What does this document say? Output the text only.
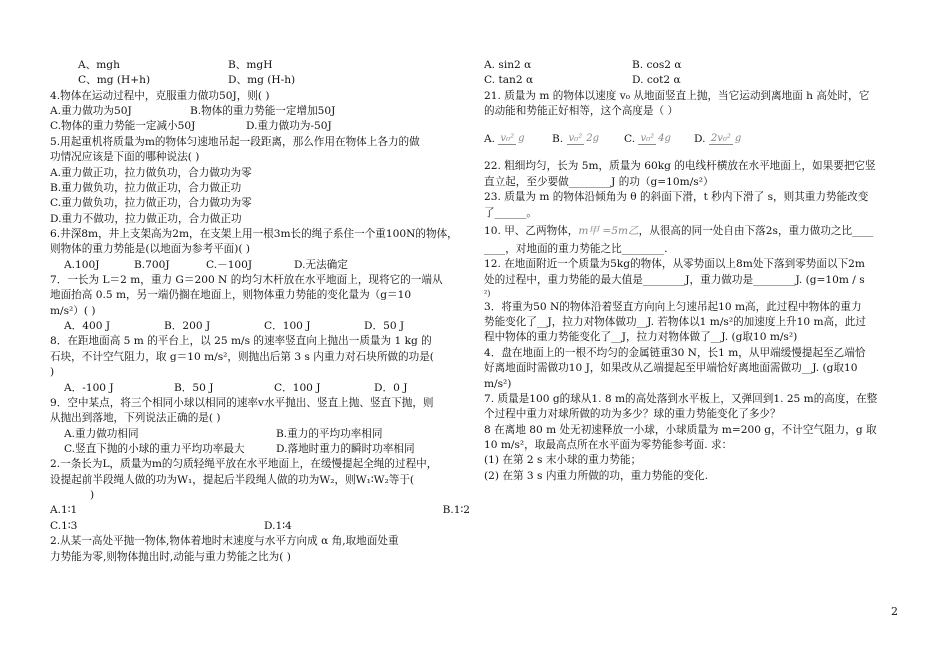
A、mgh	B、mgH
C、mg (H+h)	D、mg (H-h)

4.物体在运动过程中，克服重力做功50J，则( )

A.重力做功为50J	B.物体的重力势能一定增加50J
C.物体的重力势能一定减小50J	D.重力做功为-50J

5.用起重机将质量为m的物体匀速地吊起一段距离，那么作用在物体上各力的做

功情况应该是下面的哪种说法( )

A.重力做正功，拉力做负功，合力做功为零

B.重力做负功，拉力做正功，合力做正功

C.重力做负功，拉力做正功，合力做功为零

D.重力不做功，拉力做正功，合力做正功

6.井深8m，井上支架高为2m，在支架上用一根3m长的绳子系住一个重100N的物体，

则物体的重力势能是(以地面为参考平面)( )

A.100J	B.700J	C.－100J	D.无法确定

7．一长为 L＝2 m，重力 G＝200 N 的均匀木杆放在水平地面上，现将它的一端从

地面抬高 0.5 m，另一端仍搁在地面上，则物体重力势能的变化量为（g＝10

m/s²）( )

A．400 J	B．200 J	C．100 J	D．50 J

8．在距地面高 5 m 的平台上，以 25 m/s 的速率竖直向上抛出一质量为 1 kg 的

石块，不计空气阻力，取 g＝10 m/s²，则抛出后第 3 s 内重力对石块所做的功是(

)

A．-100 J	B．50 J	C．100 J	D．0 J

9．空中某点，将三个相同小球以相同的速率v水平抛出、竖直上抛、竖直下抛，则

从抛出到落地，下列说法正确的是( )

A.重力做功相同	B.重力的平均功率相同
C.竖直下抛的小球的重力平均功率最大	D.落地时重力的瞬时功率相同

2.一条长为L，质量为m的匀质轻绳平放在水平地面上，在缓慢提起全绳的过程中，

设提起前半段绳人做的功为W₁，提起后半段绳人做的功为W₂，则W₁∶W₂等于(

)

A.1∶1	B.1∶2
C.1∶3	D.1∶4

2.从某一高处平抛一物体,物体着地时末速度与水平方向成 α 角,取地面处重

力势能为零,则物体抛出时,动能与重力势能之比为( )

A. sin2 α	B. cos2 α
C. tan2 α	D. cot2 α

21. 质量为 m 的物体以速度 v₀ 从地面竖直上抛，当它运动到离地面 h 高处时，它

的动能和势能正好相等，这个高度是（ ）

A. v₀² g	B. v₀² 2g	C. v₀² 4g	D. 2v₀² g

22. 粗细均匀，长为 5m，质量为 60kg 的电线杆横放在水平地面上，如果要把它竖

直立起，至少要做________J 的功（g=10m/s²）

23. 质量为 m 的物体沿倾角为 θ 的斜面下滑，t 秒内下滑了 s，则其重力势能改变

了______。

10. 甲、乙两物体，m甲 =5m乙，从很高的同一处自由下落2s，重力做功之比____

____，对地面的重力势能之比________.

12. 在地面附近一个质量为5kg的物体，从零势面以上8m处下落到零势面以下2m

处的过程中，重力势能的最大值是________J，重力做功是________J. (g=10m / s

²)

3．将重为50 N的物体沿着竖直方向向上匀速吊起10 m高，此过程中物体的重力

势能变化了__J，拉力对物体做功__J. 若物体以1 m/s²的加速度上升10 m高，此过

程中物体的重力势能变化了__J，拉力对物体做了__J. (g取10 m/s²)

4．盘在地面上的一根不均匀的金属链重30 N，长1 m，从甲端缓慢提起至乙端恰

好离地面时需做功10 J，如果改从乙端提起至甲端恰好离地面需做功__J. (g取10

m/s²)

7. 质量是100 g的球从1. 8 m的高处落到水平板上，又弹回到1. 25 m的高度，在整

个过程中重力对球所做的功为多少？球的重力势能变化了多少？

8 在离地 80 m 处无初速释放一小球，小球质量为 m=200 g，不计空气阻力，g 取

10 m/s²，取最高点所在水平面为零势能参考面. 求：

(1) 在第 2 s 末小球的重力势能；

(2) 在第 3 s 内重力所做的功，重力势能的变化.

2
